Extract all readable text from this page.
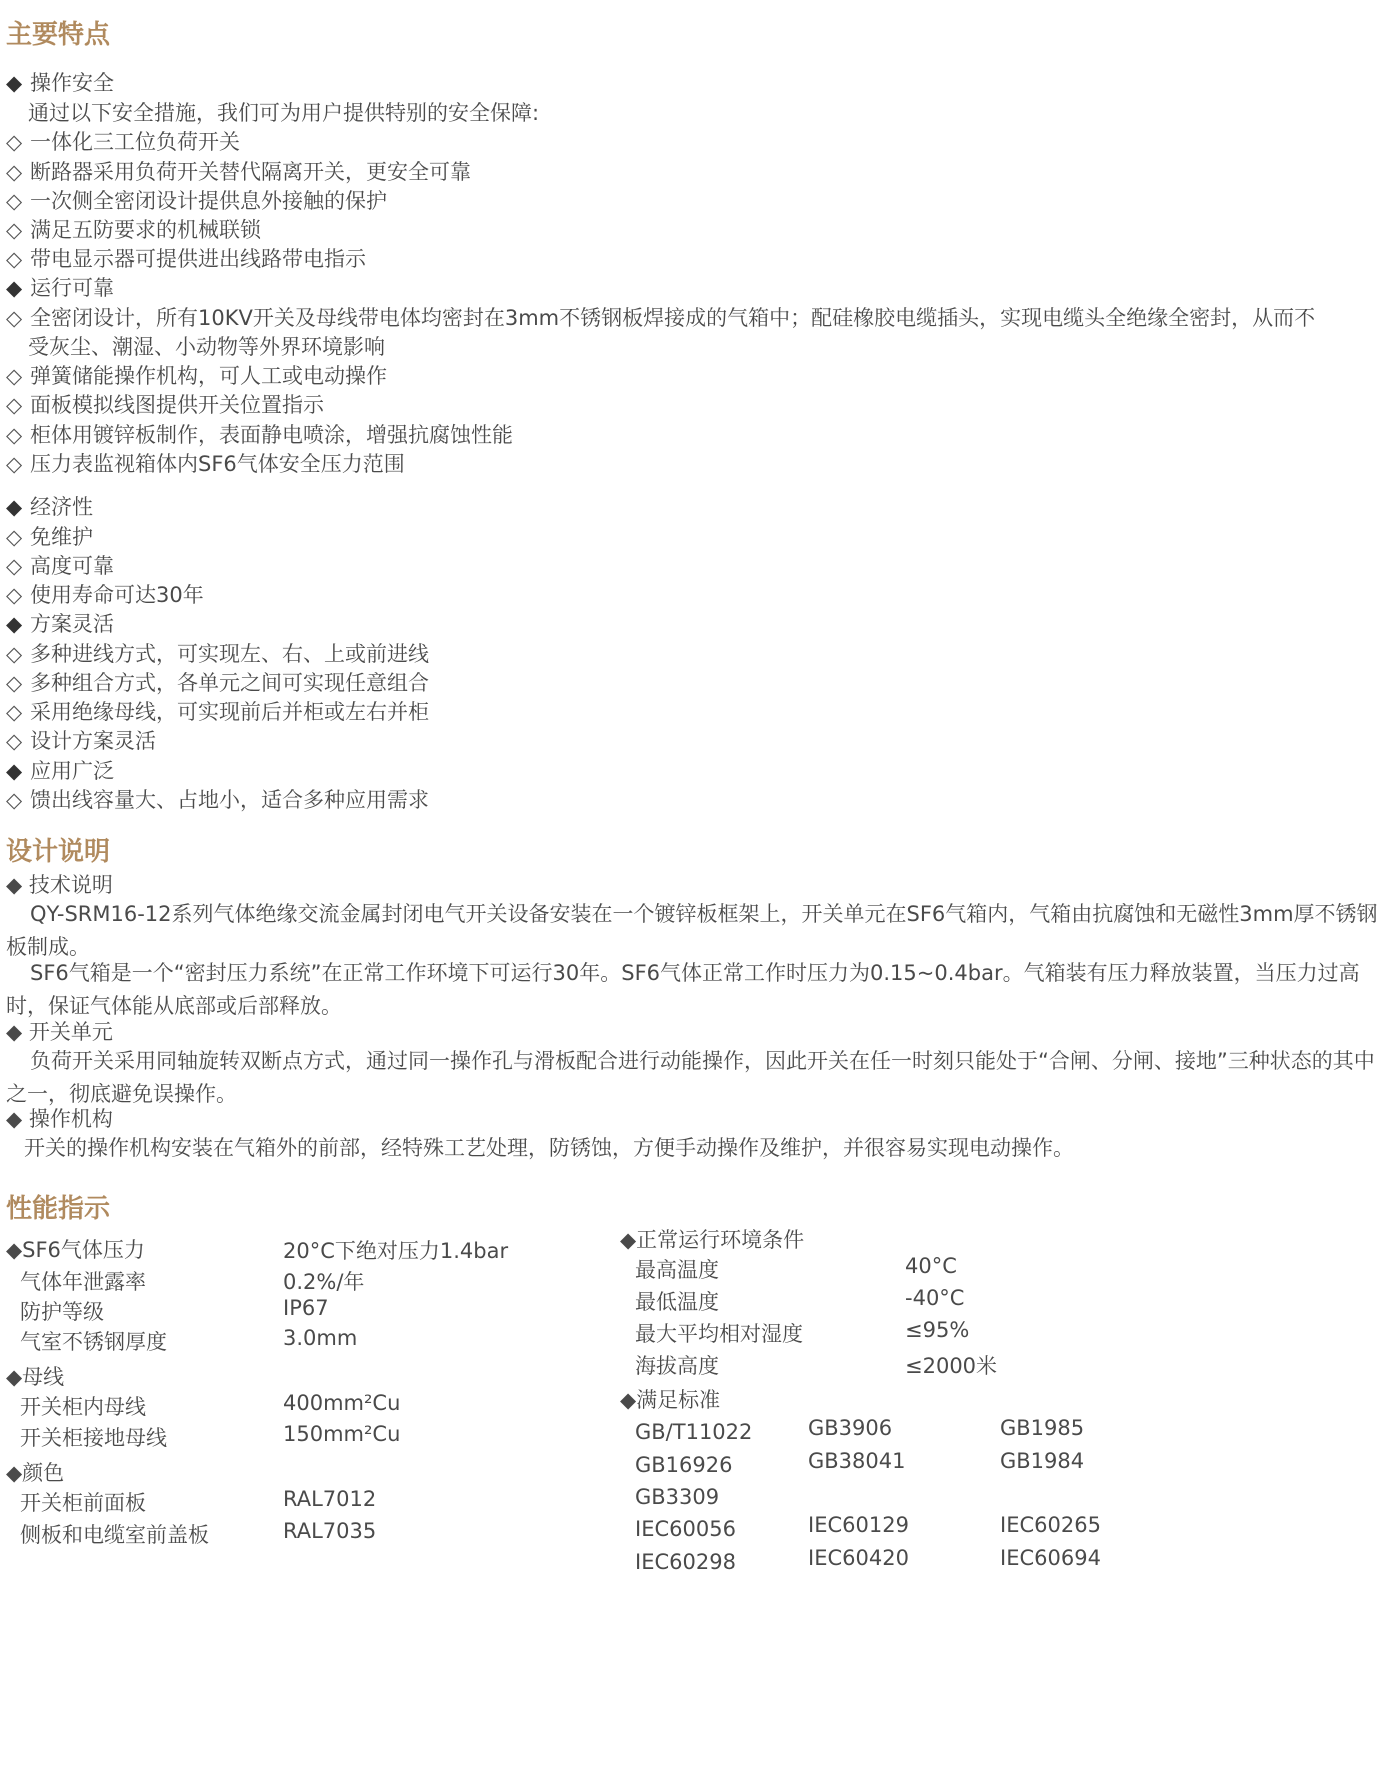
主要特点
◆ 操作安全
通过以下安全措施，我们可为用户提供特别的安全保障:
◇ 一体化三工位负荷开关
◇ 断路器采用负荷开关替代隔离开关，更安全可靠
◇ 一次侧全密闭设计提供息外接触的保护
◇ 满足五防要求的机械联锁
◇ 带电显示器可提供进出线路带电指示
◆ 运行可靠
◇ 全密闭设计，所有10KV开关及母线带电体均密封在3mm不锈钢板焊接成的气箱中；配硅橡胶电缆插头，实现电缆头全绝缘全密封，从而不
受灰尘、潮湿、小动物等外界环境影响
◇ 弹簧储能操作机构，可人工或电动操作
◇ 面板模拟线图提供开关位置指示
◇ 柜体用镀锌板制作，表面静电喷涂，增强抗腐蚀性能
◇ 压力表监视箱体内SF6气体安全压力范围
◆ 经济性
◇ 免维护
◇ 高度可靠
◇ 使用寿命可达30年
◆ 方案灵活
◇ 多种进线方式，可实现左、右、上或前进线
◇ 多种组合方式，各单元之间可实现任意组合
◇ 采用绝缘母线，可实现前后并柜或左右并柜
◇ 设计方案灵活
◆ 应用广泛
◇ 馈出线容量大、占地小，适合多种应用需求
设计说明
◆ 技术说明
QY-SRM16-12系列气体绝缘交流金属封闭电气开关设备安装在一个镀锌板框架上，开关单元在SF6气箱内，气箱由抗腐蚀和无磁性3mm厚不锈钢板制成。
SF6气箱是一个“密封压力系统”在正常工作环境下可运行30年。SF6气体正常工作时压力为0.15~0.4bar。气箱装有压力释放装置，当压力过高时，保证气体能从底部或后部释放。
◆ 开关单元
负荷开关采用同轴旋转双断点方式，通过同一操作孔与滑板配合进行动能操作，因此开关在任一时刻只能处于“合闸、分闸、接地”三种状态的其中之一，彻底避免误操作。
◆ 操作机构
开关的操作机构安装在气箱外的前部，经特殊工艺处理，防锈蚀，方便手动操作及维护，并很容易实现电动操作。
性能指示
◆SF6气体压力	20°C下绝对压力1.4bar
气体年泄露率	0.2%/年
防护等级	IP67
气室不锈钢厚度	3.0mm
◆母线
开关柜内母线	400mm²Cu
开关柜接地母线	150mm²Cu
◆颜色
开关柜前面板	RAL7012
侧板和电缆室前盖板	RAL7035
◆正常运行环境条件
最高温度	40°C
最低温度	-40°C
最大平均相对湿度	≤95%
海拔高度	≤2000米
◆满足标准
GB/T11022	GB3906	GB1985
GB16926	GB38041	GB1984
GB3309
IEC60056	IEC60129	IEC60265
IEC60298	IEC60420	IEC60694
